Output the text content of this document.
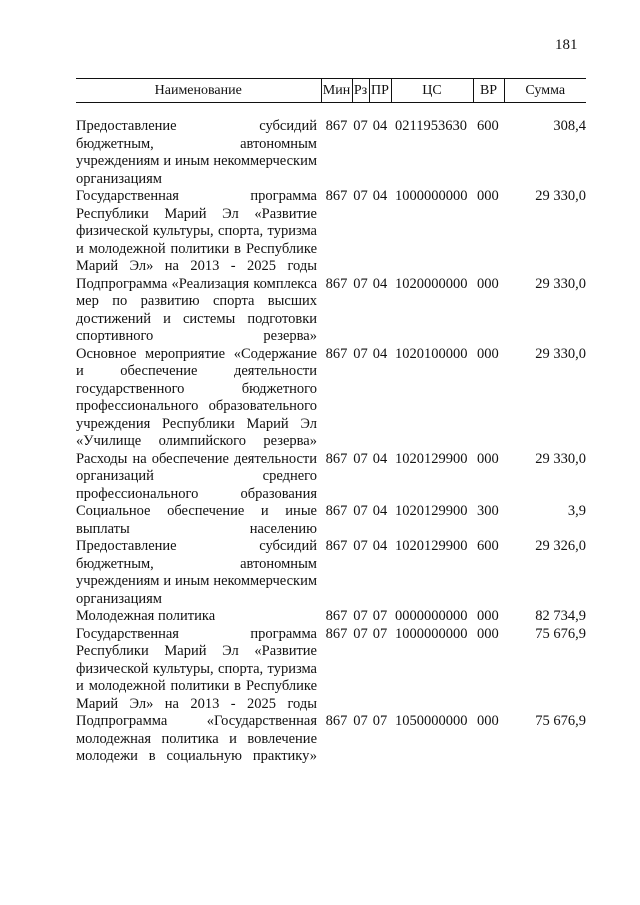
181
Наименование	Мин	Рз	ПР	ЦС	ВР	Сумма

Предоставление субсидий бюджетным, автономным учреждениям и иным некоммерческим организациям	867	07	04	0211953630	600	308,4
Государственная программа Республики Марий Эл «Развитие физической культуры, спорта, туризма и молодежной политики в Республике Марий Эл» на 2013 - 2025 годы	867	07	04	1000000000	000	29 330,0
Подпрограмма «Реализация комплекса мер по развитию спорта высших достижений и системы подготовки спортивного резерва»	867	07	04	1020000000	000	29 330,0
Основное мероприятие «Содержание и обеспечение деятельности государственного бюджетного профессионального образовательного учреждения Республики Марий Эл «Училище олимпийского резерва»	867	07	04	1020100000	000	29 330,0
Расходы на обеспечение деятельности организаций среднего профессионального образования	867	07	04	1020129900	000	29 330,0
Социальное обеспечение и иные выплаты населению	867	07	04	1020129900	300	3,9
Предоставление субсидий бюджетным, автономным учреждениям и иным некоммерческим организациям	867	07	04	1020129900	600	29 326,0
Молодежная политика	867	07	07	0000000000	000	82 734,9
Государственная программа Республики Марий Эл «Развитие физической культуры, спорта, туризма и молодежной политики в Республике Марий Эл» на 2013 - 2025 годы	867	07	07	1000000000	000	75 676,9
Подпрограмма «Государственная молодежная политика и вовлечение молодежи в социальную практику»	867	07	07	1050000000	000	75 676,9
